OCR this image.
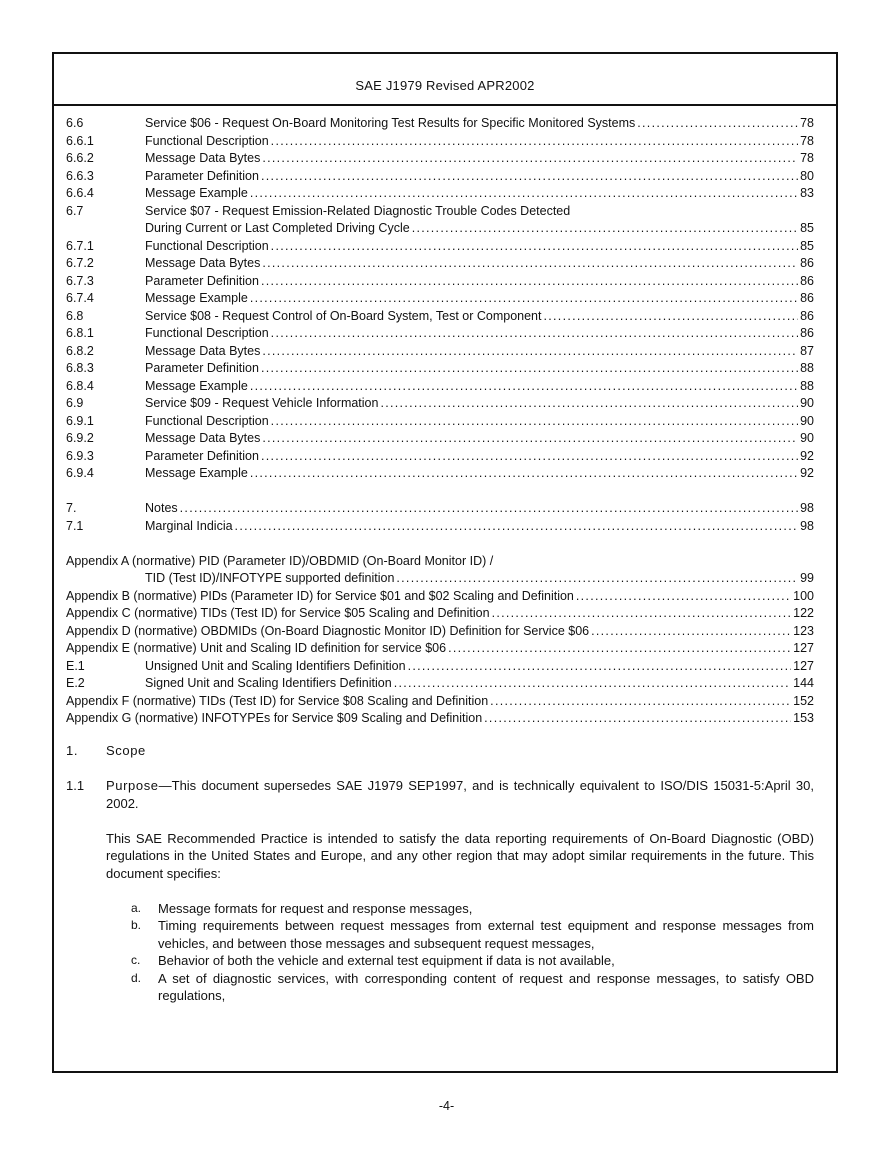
SAE J1979 Revised APR2002
6.6	Service $06 - Request On-Board Monitoring Test Results for Specific Monitored Systems .....	78
6.6.1	Functional Description .....	78
6.6.2	Message Data Bytes .....	78
6.6.3	Parameter Definition .....	80
6.6.4	Message Example .....	83
6.7	Service $07 - Request Emission-Related Diagnostic Trouble Codes Detected
During Current or Last Completed Driving Cycle .....	85
6.7.1	Functional Description .....	85
6.7.2	Message Data Bytes .....	86
6.7.3	Parameter Definition .....	86
6.7.4	Message Example .....	86
6.8	Service $08 - Request Control of On-Board System, Test or Component .....	86
6.8.1	Functional Description .....	86
6.8.2	Message Data Bytes .....	87
6.8.3	Parameter Definition .....	88
6.8.4	Message Example .....	88
6.9	Service $09 - Request Vehicle Information .....	90
6.9.1	Functional Description .....	90
6.9.2	Message Data Bytes .....	90
6.9.3	Parameter Definition .....	92
6.9.4	Message Example .....	92
7.	Notes .....	98
7.1	Marginal Indicia .....	98
Appendix A (normative) PID (Parameter ID)/OBDMID (On-Board Monitor ID) /
TID (Test ID)/INFOTYPE supported definition .....	99
Appendix B (normative) PIDs (Parameter ID) for Service $01 and $02 Scaling and Definition .....	100
Appendix C (normative) TIDs (Test ID) for Service $05 Scaling and Definition .....	122
Appendix D (normative) OBDMIDs (On-Board Diagnostic Monitor ID) Definition for Service $06 .....	123
Appendix E (normative) Unit and Scaling ID definition for service $06 .....	127
E.1	Unsigned Unit and Scaling Identifiers Definition .....	127
E.2	Signed Unit and Scaling Identifiers Definition .....	144
Appendix F (normative) TIDs (Test ID) for Service $08 Scaling and Definition .....	152
Appendix G (normative) INFOTYPEs for Service $09 Scaling and Definition .....	153
1. Scope
1.1 Purpose—This document supersedes SAE J1979 SEP1997, and is technically equivalent to ISO/DIS 15031-5:April 30, 2002.
This SAE Recommended Practice is intended to satisfy the data reporting requirements of On-Board Diagnostic (OBD) regulations in the United States and Europe, and any other region that may adopt similar requirements in the future. This document specifies:
a. Message formats for request and response messages,
b. Timing requirements between request messages from external test equipment and response messages from vehicles, and between those messages and subsequent request messages,
c. Behavior of both the vehicle and external test equipment if data is not available,
d. A set of diagnostic services, with corresponding content of request and response messages, to satisfy OBD regulations,
-4-
